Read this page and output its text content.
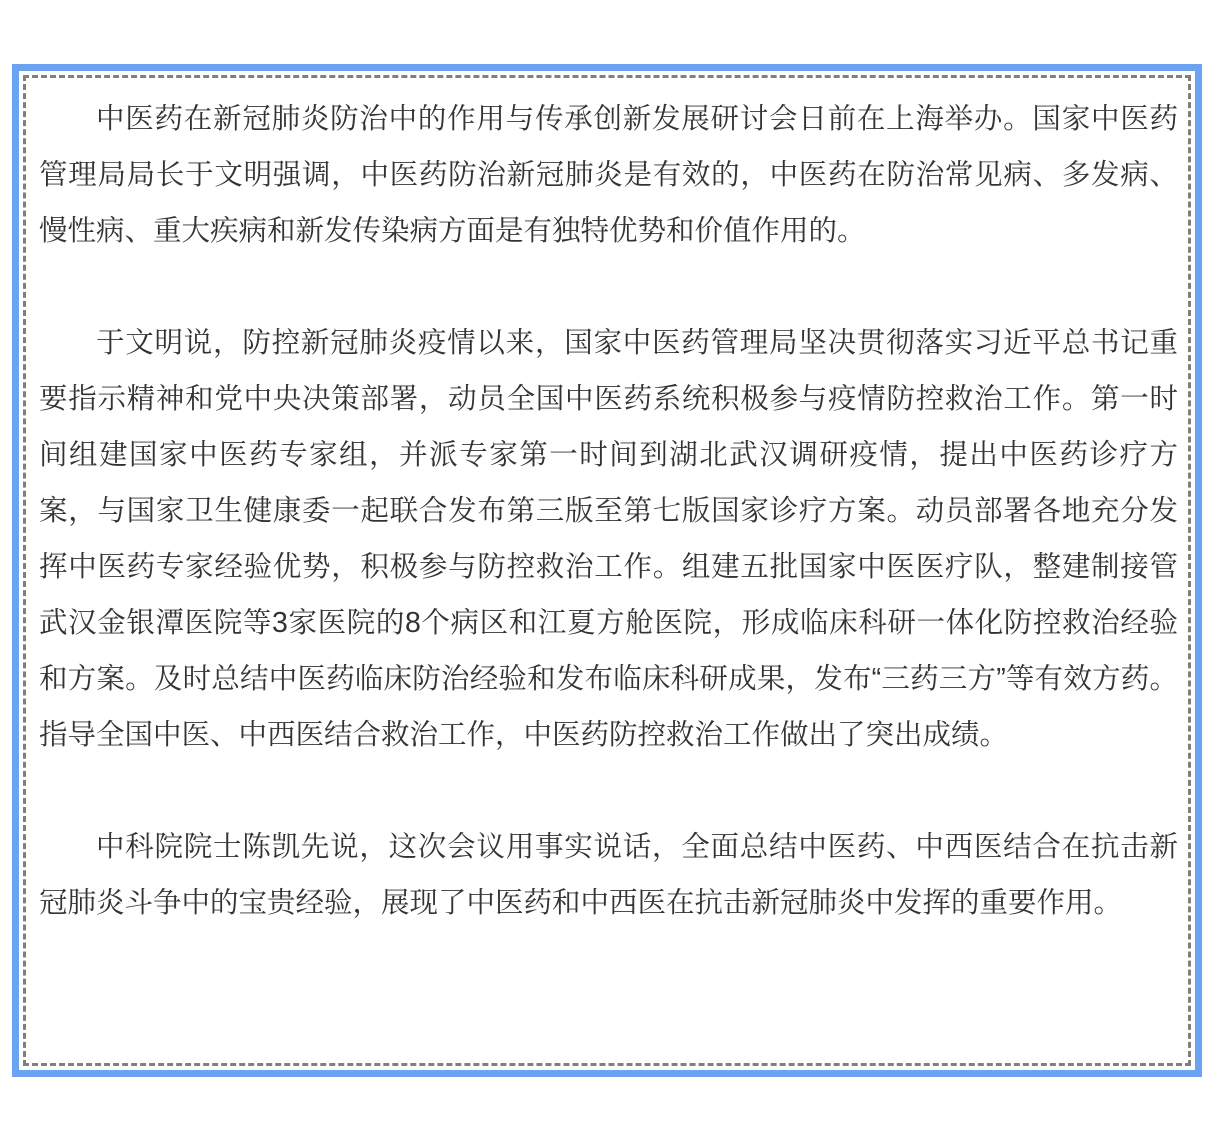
中医药在新冠肺炎防治中的作用与传承创新发展研讨会日前在上海举办。国家中医药管理局局长于文明强调，中医药防治新冠肺炎是有效的，中医药在防治常见病、多发病、慢性病、重大疾病和新发传染病方面是有独特优势和价值作用的。

于文明说，防控新冠肺炎疫情以来，国家中医药管理局坚决贯彻落实习近平总书记重要指示精神和党中央决策部署，动员全国中医药系统积极参与疫情防控救治工作。第一时间组建国家中医药专家组，并派专家第一时间到湖北武汉调研疫情，提出中医药诊疗方案，与国家卫生健康委一起联合发布第三版至第七版国家诊疗方案。动员部署各地充分发挥中医药专家经验优势，积极参与防控救治工作。组建五批国家中医医疗队，整建制接管武汉金银潭医院等3家医院的8个病区和江夏方舱医院，形成临床科研一体化防控救治经验和方案。及时总结中医药临床防治经验和发布临床科研成果，发布“三药三方”等有效方药。指导全国中医、中西医结合救治工作，中医药防控救治工作做出了突出成绩。

中科院院士陈凯先说，这次会议用事实说话，全面总结中医药、中西医结合在抗击新冠肺炎斗争中的宝贵经验，展现了中医药和中西医在抗击新冠肺炎中发挥的重要作用。
